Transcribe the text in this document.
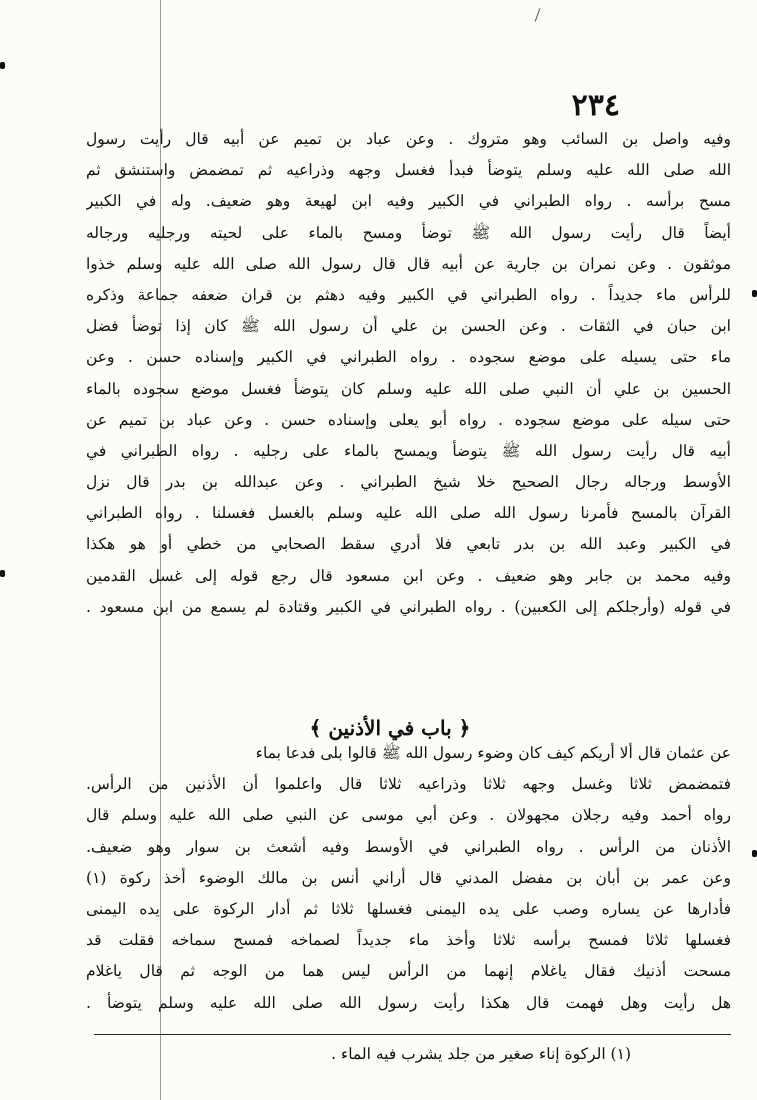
٢٣٤
وفيه واصل بن السائب وهو متروك . وعن عباد بن تميم عن أبيه قال رأيت رسول
الله صلى الله عليه وسلم يتوضأ فبدأ فغسل وجهه وذراعيه ثم تمضمض واستنشق ثم
مسح برأسه . رواه الطبراني في الكبير وفيه ابن لهيعة وهو ضعيف. وله في الكبير
أيضاً قال رأيت رسول الله ﷺ توضأ ومسح بالماء على لحيته ورجليه ورجاله
موثقون . وعن نمران بن جارية عن أبيه قال قال رسول الله صلى الله عليه وسلم خذوا
للرأس ماء جديداً . رواه الطبراني في الكبير وفيه دهثم بن قران ضعفه جماعة وذكره
ابن حبان في الثقات . وعن الحسن بن علي أن رسول الله ﷺ كان إذا توضأ فضل
ماء حتى يسيله على موضع سجوده . رواه الطبراني في الكبير وإسناده حسن . وعن
الحسين بن علي أن النبي صلى الله عليه وسلم كان يتوضأ فغسل موضع سجوده بالماء
حتى سيله على موضع سجوده . رواه أبو يعلى وإسناده حسن . وعن عباد بن تميم عن
أبيه قال رأيت رسول الله ﷺ يتوضأ ويمسح بالماء على رجليه . رواه الطبراني في
الأوسط ورجاله رجال الصحيح خلا شيخ الطبراني . وعن عبدالله بن بدر قال نزل
القرآن بالمسح فأمرنا رسول الله صلى الله عليه وسلم بالغسل فغسلنا . رواه الطبراني
في الكبير وعبد الله بن بدر تابعي فلا أدري سقط الصحابي من خطي أو هو هكذا
وفيه محمد بن جابر وهو ضعيف . وعن ابن مسعود قال رجع قوله إلى غسل القدمين
في قوله (وأرجلكم إلى الكعبين) . رواه الطبراني في الكبير وقتادة لم يسمع من ابن مسعود .
﴿ باب في الأذنين ﴾
عن عثمان قال ألا أريكم كيف كان وضوء رسول الله ﷺ قالوا بلى فدعا بماء
فتمضمض ثلاثا وغسل وجهه ثلاثا وذراعيه ثلاثا قال واعلموا أن الأذنين من الرأس.
رواه أحمد وفيه رجلان مجهولان . وعن أبي موسى عن النبي صلى الله عليه وسلم قال
الأذنان من الرأس . رواه الطبراني في الأوسط وفيه أشعث بن سوار وهو ضعيف.
وعن عمر بن أبان بن مفضل المدني قال أراني أنس بن مالك الوضوء أخذ ركوة (١)
فأدارها عن يساره وصب على يده اليمنى فغسلها ثلاثا ثم أدار الركوة على يده اليمنى
فغسلها ثلاثا فمسح برأسه ثلاثا وأخذ ماء جديداً لصماخه فمسح سماخه فقلت قد
مسحت أذنيك فقال ياغلام إنهما من الرأس ليس هما من الوجه ثم قال ياغلام
هل رأيت وهل فهمت قال هكذا رأيت رسول الله صلى الله عليه وسلم يتوضأ .
(١) الركوة إناء صغير من جلد يشرب فيه الماء .
